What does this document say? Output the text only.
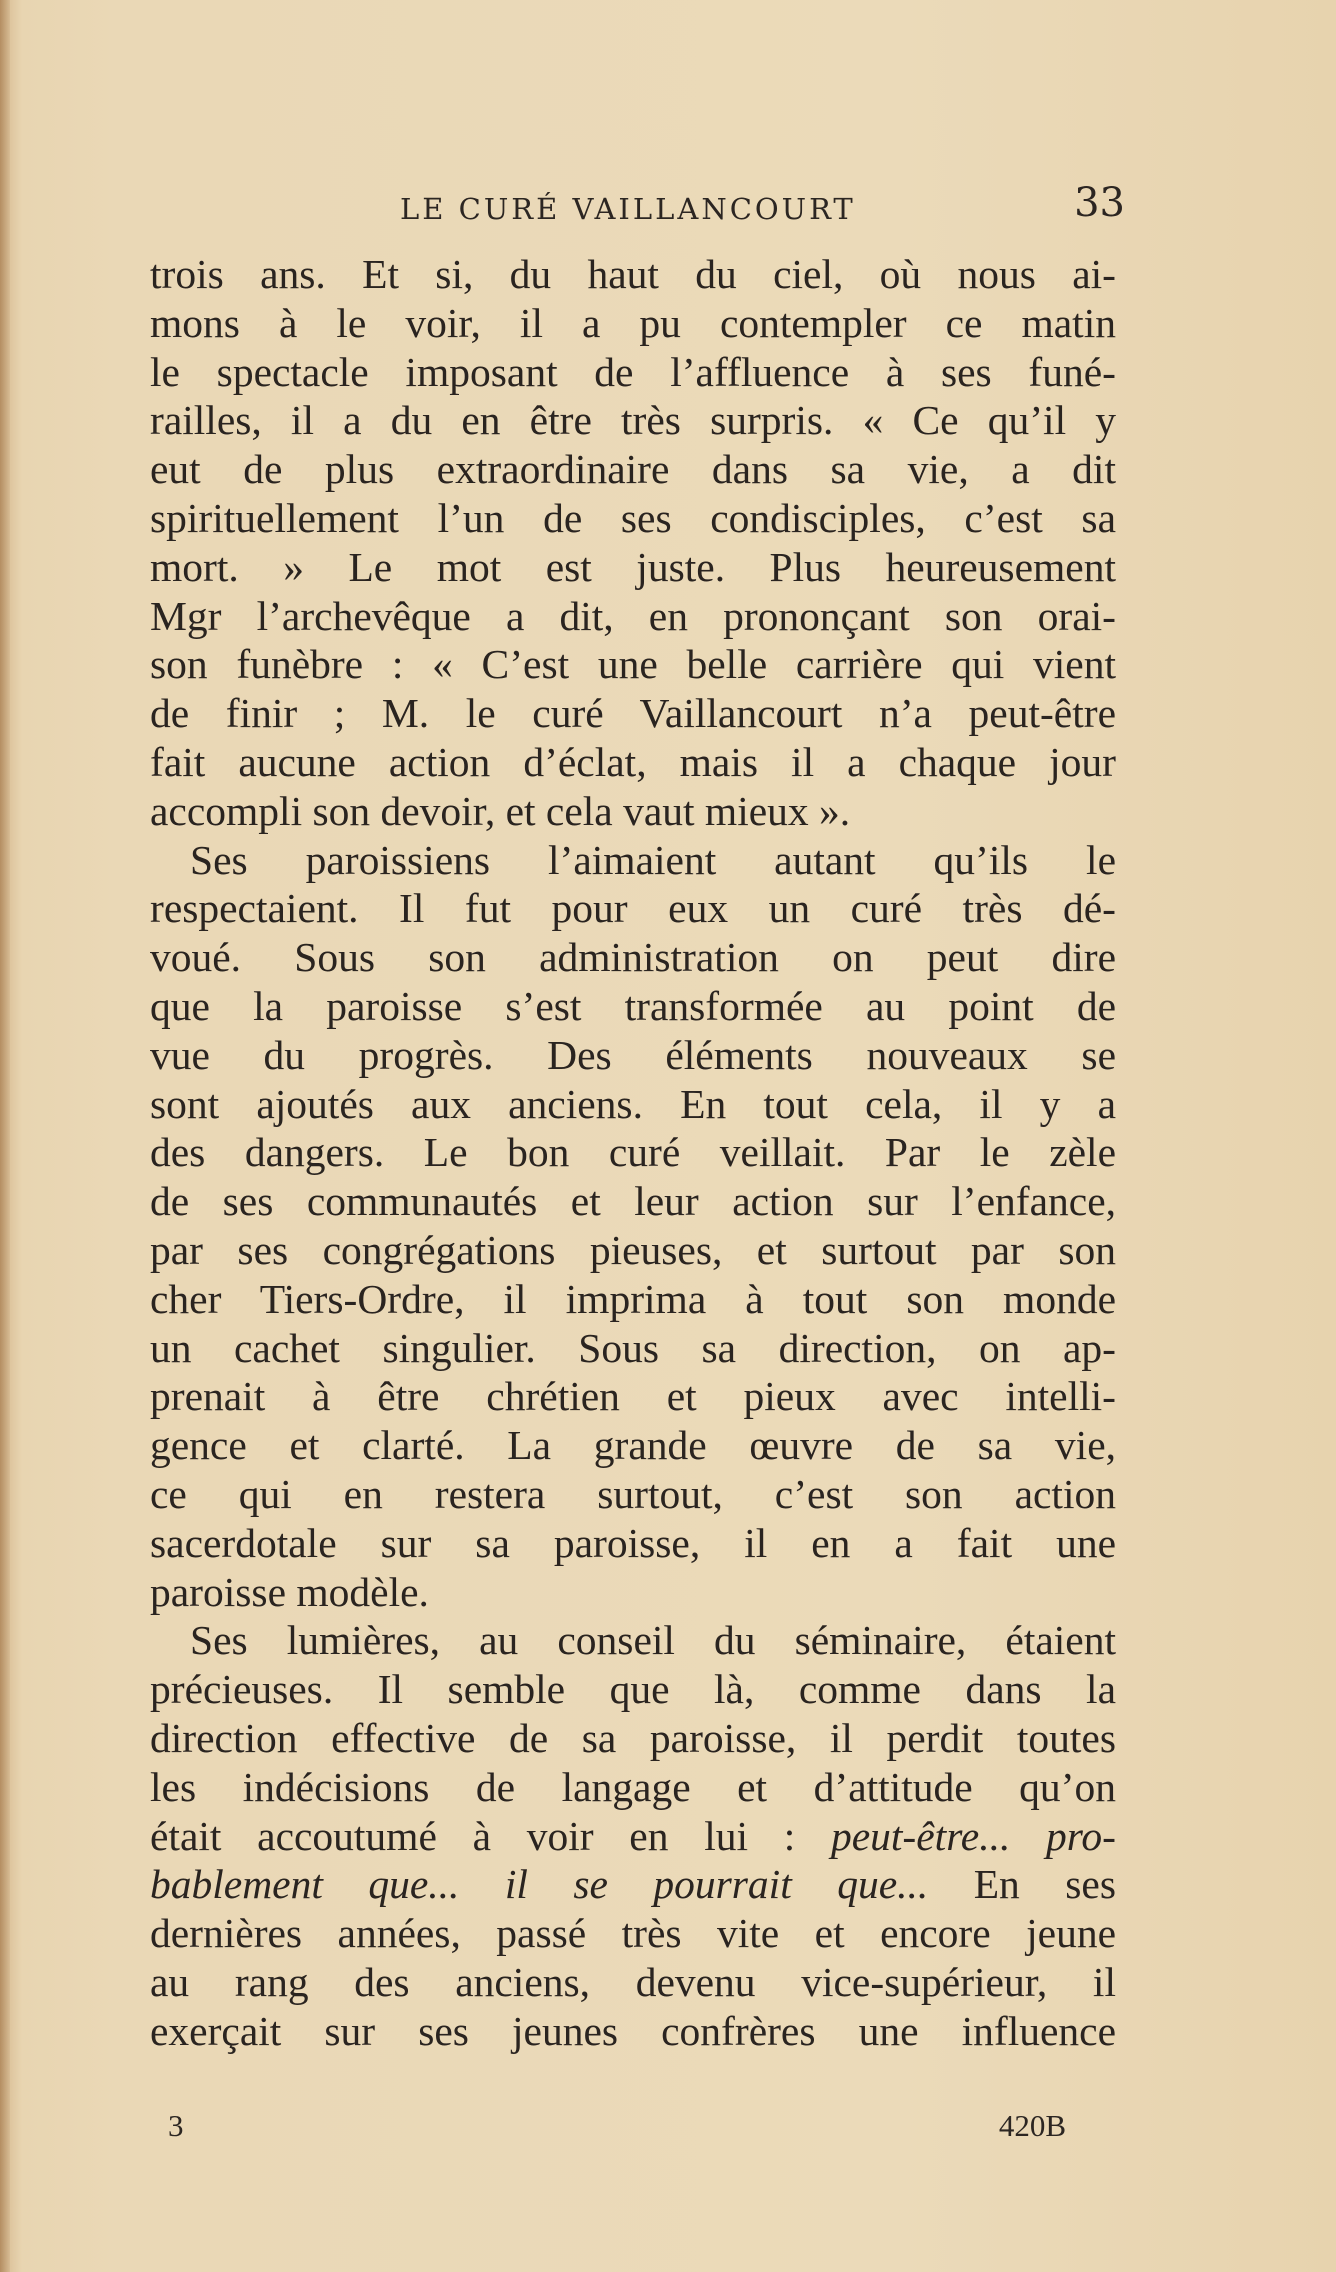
LE CURÉ VAILLANCOURT	33
trois ans. Et si, du haut du ciel, où nous ai-
mons à le voir, il a pu contempler ce matin
le spectacle imposant de l’affluence à ses funé-
railles, il a du en être très surpris. « Ce qu’il y
eut de plus extraordinaire dans sa vie, a dit
spirituellement l’un de ses condisciples, c’est sa
mort. » Le mot est juste. Plus heureusement
Mgr l’archevêque a dit, en prononçant son orai-
son funèbre : « C’est une belle carrière qui vient
de finir ; M. le curé Vaillancourt n’a peut-être
fait aucune action d’éclat, mais il a chaque jour
accompli son devoir, et cela vaut mieux ».
Ses paroissiens l’aimaient autant qu’ils le
respectaient. Il fut pour eux un curé très dé-
voué. Sous son administration on peut dire
que la paroisse s’est transformée au point de
vue du progrès. Des éléments nouveaux se
sont ajoutés aux anciens. En tout cela, il y a
des dangers. Le bon curé veillait. Par le zèle
de ses communautés et leur action sur l’enfance,
par ses congrégations pieuses, et surtout par son
cher Tiers-Ordre, il imprima à tout son monde
un cachet singulier. Sous sa direction, on ap-
prenait à être chrétien et pieux avec intelli-
gence et clarté. La grande œuvre de sa vie,
ce qui en restera surtout, c’est son action
sacerdotale sur sa paroisse, il en a fait une
paroisse modèle.
Ses lumières, au conseil du séminaire, étaient
précieuses. Il semble que là, comme dans la
direction effective de sa paroisse, il perdit toutes
les indécisions de langage et d’attitude qu’on
était accoutumé à voir en lui : peut-être... pro-
bablement que... il se pourrait que... En ses
dernières années, passé très vite et encore jeune
au rang des anciens, devenu vice-supérieur, il
exerçait sur ses jeunes confrères une influence
3	420B
